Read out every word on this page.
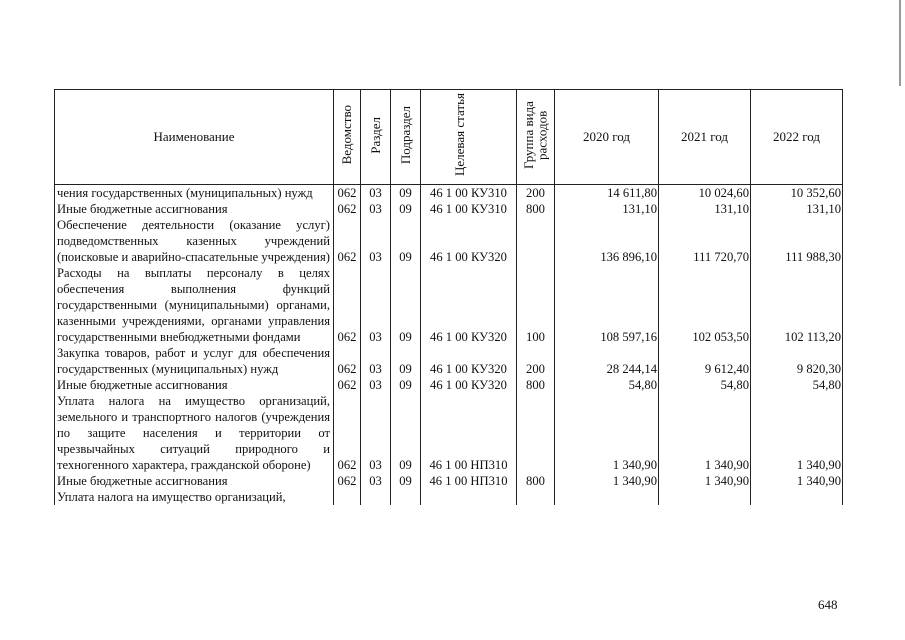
Наименование	Ведомство	Раздел	Подраздел	Целевая статья	Группа вида расходов	2020 год	2021 год	2022 год
чения государственных (муниципальных) нужд	062	03	09	46 1 00 КУ310	200	14 611,80	10 024,60	10 352,60
Иные бюджетные ассигнования	062	03	09	46 1 00 КУ310	800	131,10	131,10	131,10
Обеспечение деятельности (оказание услуг) подведомственных казенных учреждений (поисковые и аварийно-спасательные учреждения)	062	03	09	46 1 00 КУ320		136 896,10	111 720,70	111 988,30
Расходы на выплаты персоналу в целях обеспечения выполнения функций государственными (муниципальными) органами, казенными учреждениями, органами управления государственными внебюджетными фондами	062	03	09	46 1 00 КУ320	100	108 597,16	102 053,50	102 113,20
Закупка товаров, работ и услуг для обеспечения государственных (муниципальных) нужд	062	03	09	46 1 00 КУ320	200	28 244,14	9 612,40	9 820,30
Иные бюджетные ассигнования	062	03	09	46 1 00 КУ320	800	54,80	54,80	54,80
Уплата налога на имущество организаций, земельного и транспортного налогов (учреждения по защите населения и территории от чрезвычайных ситуаций природного и техногенного характера, гражданской обороне)	062	03	09	46 1 00 НП310		1 340,90	1 340,90	1 340,90
Иные бюджетные ассигнования	062	03	09	46 1 00 НП310	800	1 340,90	1 340,90	1 340,90
Уплата налога на имущество организаций,								
648
